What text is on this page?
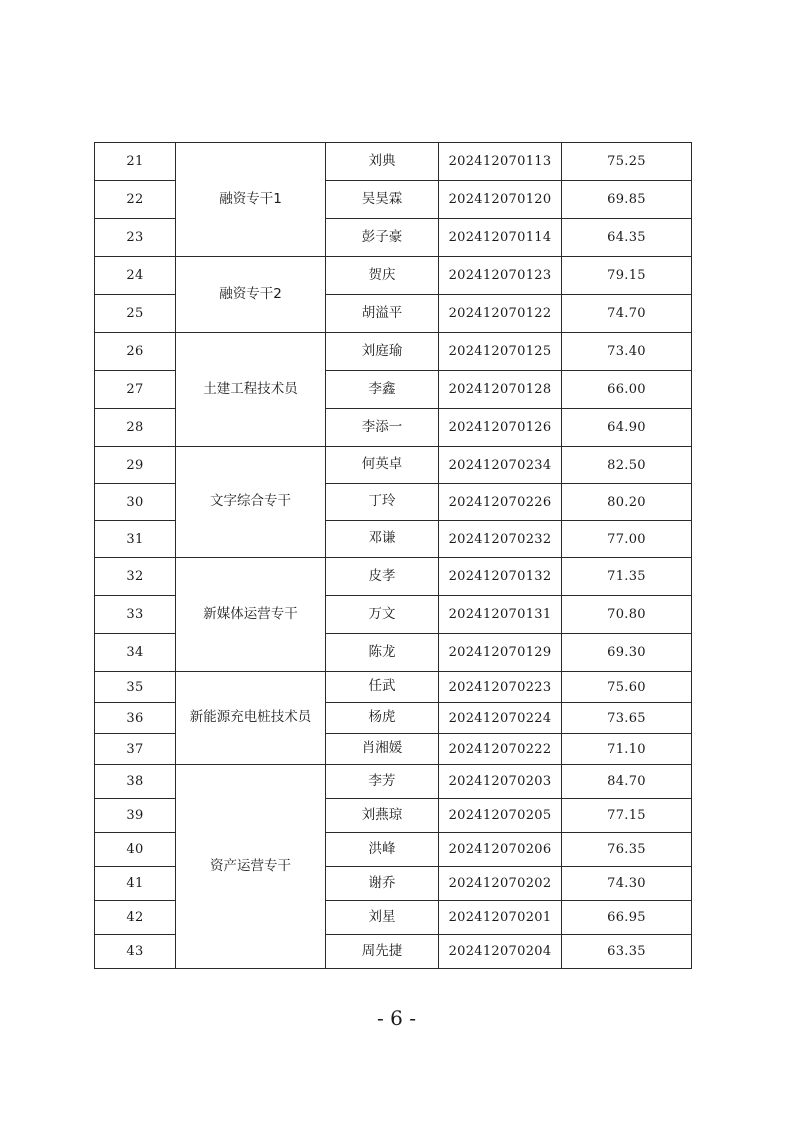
21	融资专干1	刘典	202412070113	75.25
22		吴昊霖	202412070120	69.85
23		彭子豪	202412070114	64.35
24	融资专干2	贺庆	202412070123	79.15
25		胡溢平	202412070122	74.70
26	土建工程技术员	刘庭瑜	202412070125	73.40
27		李鑫	202412070128	66.00
28		李添一	202412070126	64.90
29	文字综合专干	何英卓	202412070234	82.50
30		丁玲	202412070226	80.20
31		邓谦	202412070232	77.00
32	新媒体运营专干	皮孝	202412070132	71.35
33		万文	202412070131	70.80
34		陈龙	202412070129	69.30
35	新能源充电桩技术员	任武	202412070223	75.60
36		杨虎	202412070224	73.65
37		肖湘媛	202412070222	71.10
38	资产运营专干	李芳	202412070203	84.70
39		刘燕琼	202412070205	77.15
40		洪峰	202412070206	76.35
41		谢乔	202412070202	74.30
42		刘星	202412070201	66.95
43		周先捷	202412070204	63.35
- 6 -
